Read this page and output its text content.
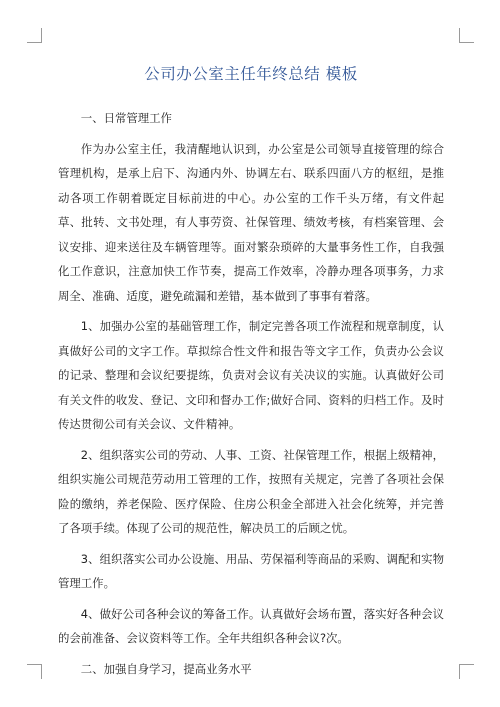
公司办公室主任年终总结 模板

一、日常管理工作

作为办公室主任，我清醒地认识到，办公室是公司领导直接管理的综合管理机构，是承上启下、沟通内外、协调左右、联系四面八方的枢纽，是推动各项工作朝着既定目标前进的中心。办公室的工作千头万绪，有文件起草、批转、文书处理，有人事劳资、社保管理、绩效考核，有档案管理、会议安排、迎来送往及车辆管理等。面对繁杂琐碎的大量事务性工作，自我强化工作意识，注意加快工作节奏，提高工作效率，冷静办理各项事务，力求周全、准确、适度，避免疏漏和差错，基本做到了事事有着落。

1、加强办公室的基础管理工作，制定完善各项工作流程和规章制度，认真做好公司的文字工作。草拟综合性文件和报告等文字工作，负责办公会议的记录、整理和会议纪要提练，负责对会议有关决议的实施。认真做好公司有关文件的收发、登记、文印和督办工作;做好合同、资料的归档工作。及时传达贯彻公司有关会议、文件精神。

2、组织落实公司的劳动、人事、工资、社保管理工作，根据上级精神，组织实施公司规范劳动用工管理的工作，按照有关规定，完善了各项社会保险的缴纳，养老保险、医疗保险、住房公积金全部进入社会化统筹，并完善了各项手续。体现了公司的规范性，解决员工的后顾之忧。

3、组织落实公司办公设施、用品、劳保福利等商品的采购、调配和实物管理工作。

4、做好公司各种会议的筹备工作。认真做好会场布置，落实好各种会议的会前准备、会议资料等工作。全年共组织各种会议?次。

二、加强自身学习，提高业务水平
